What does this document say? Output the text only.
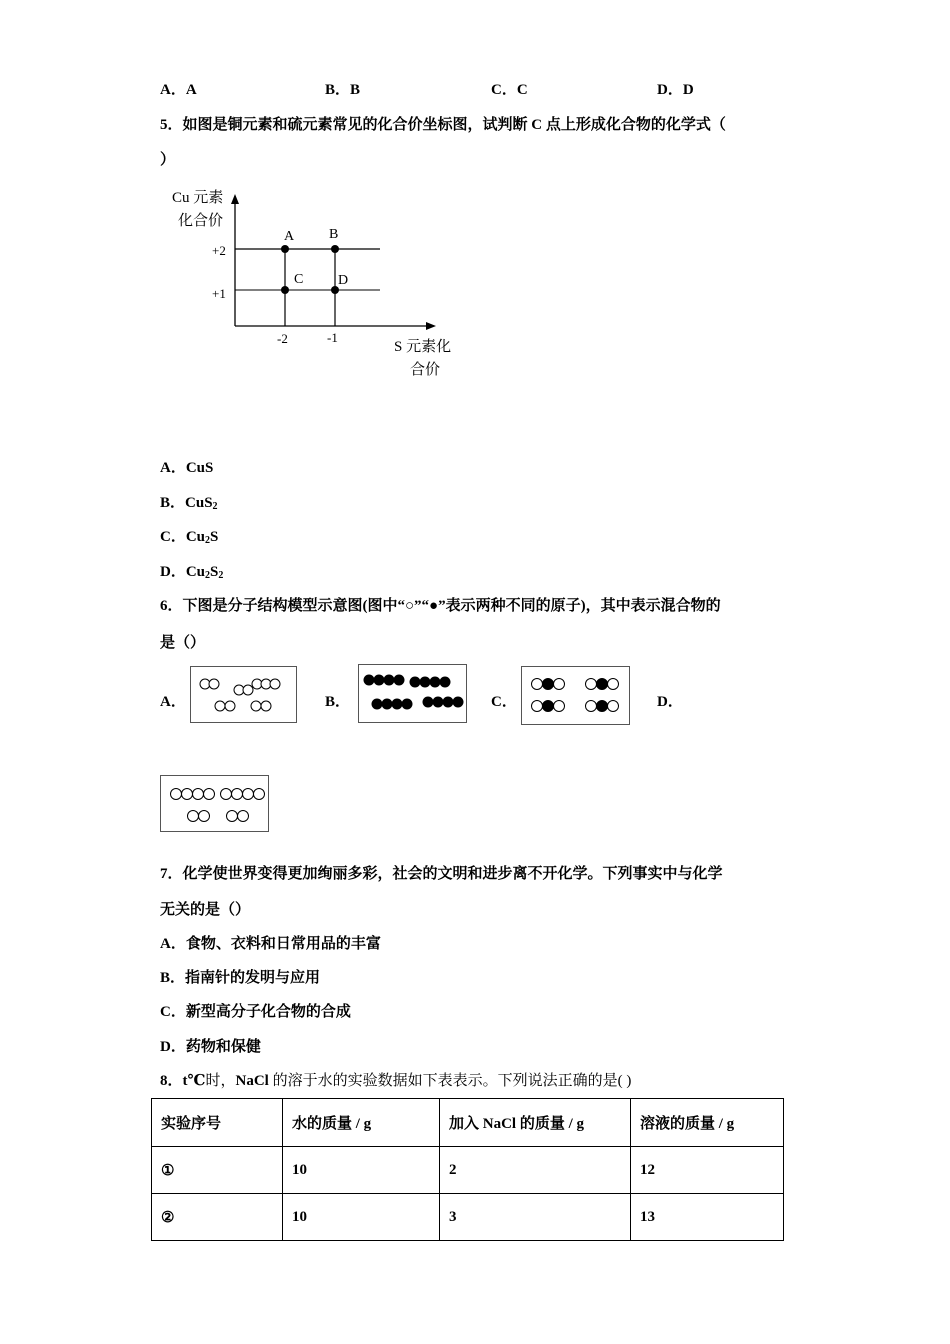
A．A	B．B	C．C	D．D
5．如图是铜元素和硫元素常见的化合价坐标图，试判断 C 点上形成化合物的化学式（
）
A B
C D
+2
+1
-2	-1
Cu 元素
化合价
S 元素化
合价
A．CuS
B．CuS$_2$
C．$Cu_2S$
D．$Cu_2S_2$
6．下图是分子结构模型示意图(图中“○”“●”表示两种不同的原子)，其中表示混合物的
是（）
A．	B．	C．	D．
7．化学使世界变得更加绚丽多彩，社会的文明和进步离不开化学。下列事实中与化学
无关的是（）
A．食物、衣料和日常用品的丰富
B．指南针的发明与应用
C．新型高分子化合物的合成
D．药物和保健
8．t℃时，NaCl 的溶于水的实验数据如下表表示。下列说法正确的是( )
实验序号	水的质量 / g	加入 NaCl 的质量 / g	溶液的质量 / g
①	10	2	12
②	10	3	13
